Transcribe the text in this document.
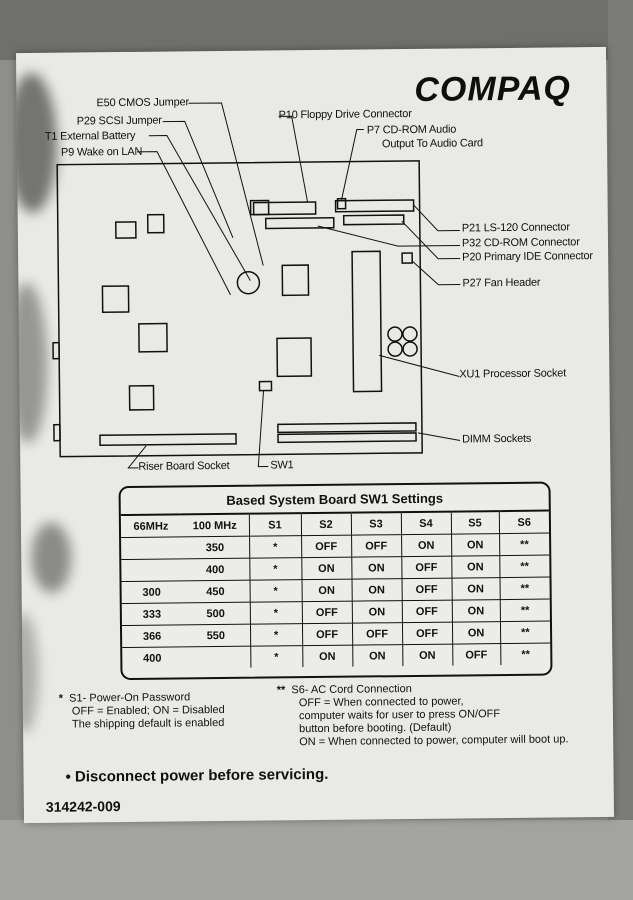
COMPAQ
E50 CMOS Jumper
P29 SCSI Jumper
T1 External Battery
P9 Wake on LAN
P10 Floppy Drive Connector
P7 CD-ROM Audio
Output To Audio Card
P21 LS-120 Connector
P32 CD-ROM Connector
P20 Primary IDE Connector
P27 Fan Header
XU1 Processor Socket
DIMM Sockets
Riser Board Socket	SW1
Based System Board SW1 Settings
66MHz	100 MHz	S1	S2	S3	S4	S5	S6
	350	*	OFF	OFF	ON	ON	**
	400	*	ON	ON	OFF	ON	**
300	450	*	ON	ON	OFF	ON	**
333	500	*	OFF	ON	OFF	ON	**
366	550	*	OFF	OFF	OFF	ON	**
400		*	ON	ON	ON	OFF	**
* S1- Power-On Password
OFF = Enabled; ON = Disabled
The shipping default is enabled
** S6- AC Cord Connection
OFF = When connected to power,
computer waits for user to press ON/OFF
button before booting. (Default)
ON = When connected to power, computer will boot up.
• Disconnect power before servicing.
314242-009
